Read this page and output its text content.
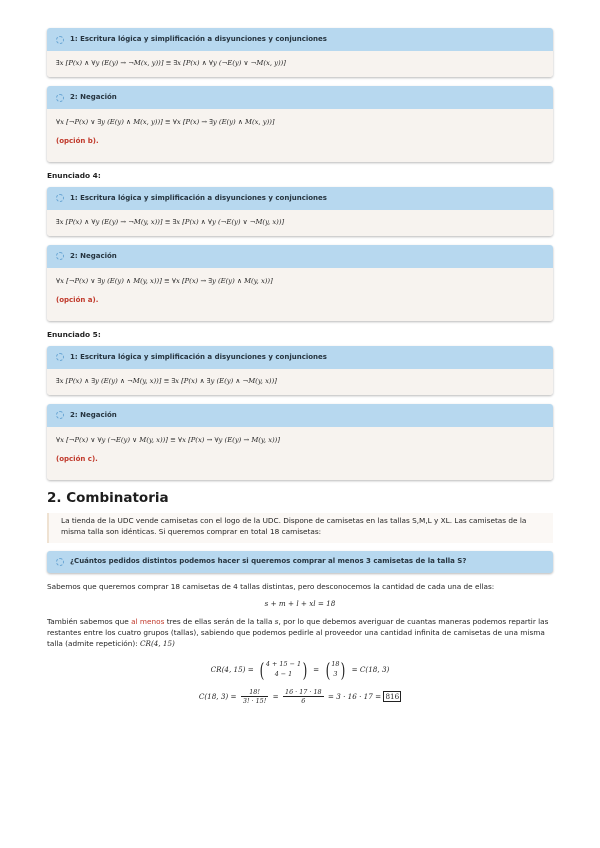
1: Escritura lógica y simplificación a disyunciones y conjunciones
∃x [P(x) ∧ ∀y (E(y) → ¬M(x, y))] ≡ ∃x [P(x) ∧ ∀y (¬E(y) ∨ ¬M(x, y))]
2: Negación
∀x [¬P(x) ∨ ∃y (E(y) ∧ M(x, y))] ≡ ∀x [P(x) → ∃y (E(y) ∧ M(x, y))]
(opción b).
Enunciado 4:
1: Escritura lógica y simplificación a disyunciones y conjunciones
∃x [P(x) ∧ ∀y (E(y) → ¬M(y, x))] ≡ ∃x [P(x) ∧ ∀y (¬E(y) ∨ ¬M(y, x))]
2: Negación
∀x [¬P(x) ∨ ∃y (E(y) ∧ M(y, x))] ≡ ∀x [P(x) → ∃y (E(y) ∧ M(y, x))]
(opción a).
Enunciado 5:
1: Escritura lógica y simplificación a disyunciones y conjunciones
∃x [P(x) ∧ ∃y (E(y) ∧ ¬M(y, x))] ≡ ∃x [P(x) ∧ ∃y (E(y) ∧ ¬M(y, x))]
2: Negación
∀x [¬P(x) ∨ ∀y (¬E(y) ∨ M(y, x))] ≡ ∀x [P(x) → ∀y (E(y) → M(y, x))]
(opción c).
2. Combinatoria
La tienda de la UDC vende camisetas con el logo de la UDC. Dispone de camisetas en las tallas S,M,L y XL. Las camisetas de la misma talla son idénticas. Si queremos comprar en total 18 camisetas:
¿Cuántos pedidos distintos podemos hacer si queremos comprar al menos 3 camisetas de la talla S?

Sabemos que queremos comprar 18 camisetas de 4 tallas distintas, pero desconocemos la cantidad de cada una de ellas:

s + m + l + xl = 18

También sabemos que al menos tres de ellas serán de la talla s, por lo que debemos averiguar de cuantas maneras podemos repartir las restantes entre los cuatro grupos (tallas), sabiendo que podemos pedirle al proveedor una cantidad infinita de camisetas de una misma talla (admite repetición): CR(4, 15)

CR(4, 15) = ( 4 + 15 − 1
4 − 1 ) = ( 18
3 ) = C(18, 3)
C(18, $3) = \frac{18!}{3! \cdot 15!} = \frac{16 \cdot 17 \cdot 18}{6} = 3 \cdot 16 \cdot 17 = 816$
